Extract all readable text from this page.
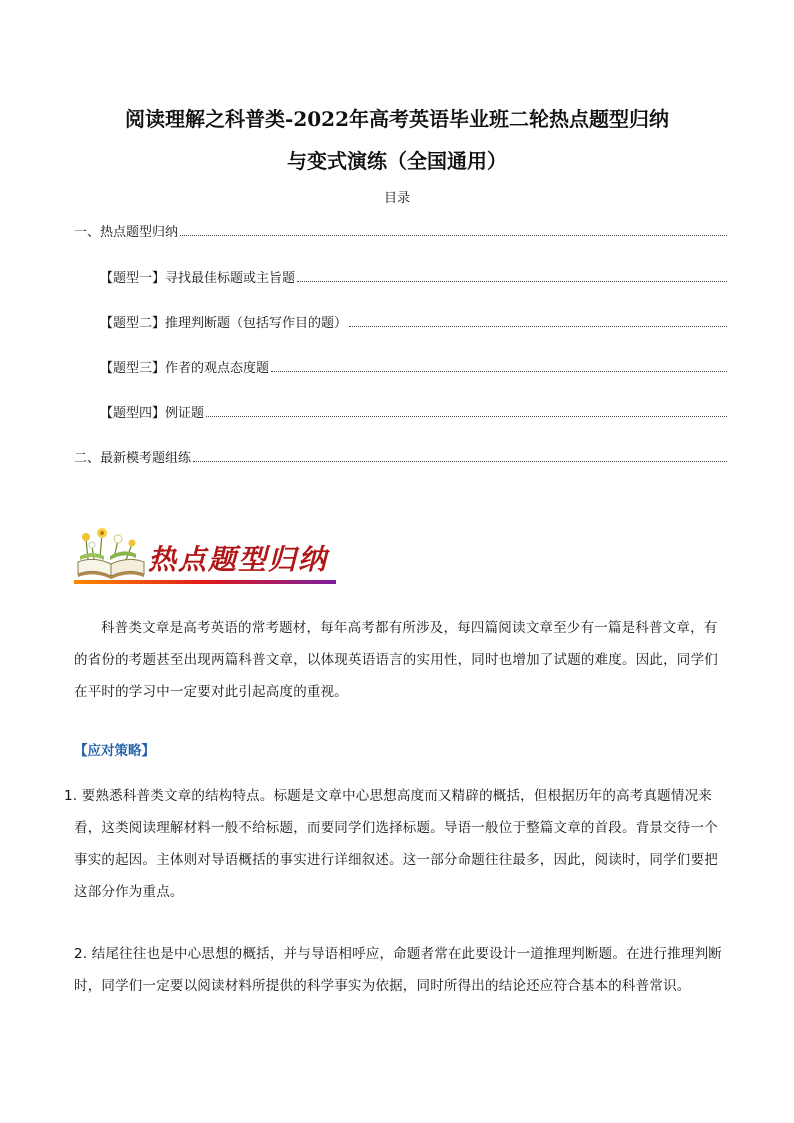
阅读理解之科普类-2022年高考英语毕业班二轮热点题型归纳
与变式演练（全国通用）
目录
一、热点题型归纳
【题型一】寻找最佳标题或主旨题
【题型二】推理判断题（包括写作目的题）
【题型三】作者的观点态度题
【题型四】例证题
二、最新模考题组练
热点题型归纳
科普类文章是高考英语的常考题材，每年高考都有所涉及，每四篇阅读文章至少有一篇是科普文章，有的省份的考题甚至出现两篇科普文章，以体现英语语言的实用性，同时也增加了试题的难度。因此，同学们在平时的学习中一定要对此引起高度的重视。
【应对策略】
1. 要熟悉科普类文章的结构特点。标题是文章中心思想高度而又精辟的概括，但根据历年的高考真题情况来看，这类阅读理解材料一般不给标题，而要同学们选择标题。导语一般位于整篇文章的首段。背景交待一个事实的起因。主体则对导语概括的事实进行详细叙述。这一部分命题往往最多，因此，阅读时，同学们要把这部分作为重点。
2. 结尾往往也是中心思想的概括，并与导语相呼应，命题者常在此要设计一道推理判断题。在进行推理判断时，同学们一定要以阅读材料所提供的科学事实为依据，同时所得出的结论还应符合基本的科普常识。
